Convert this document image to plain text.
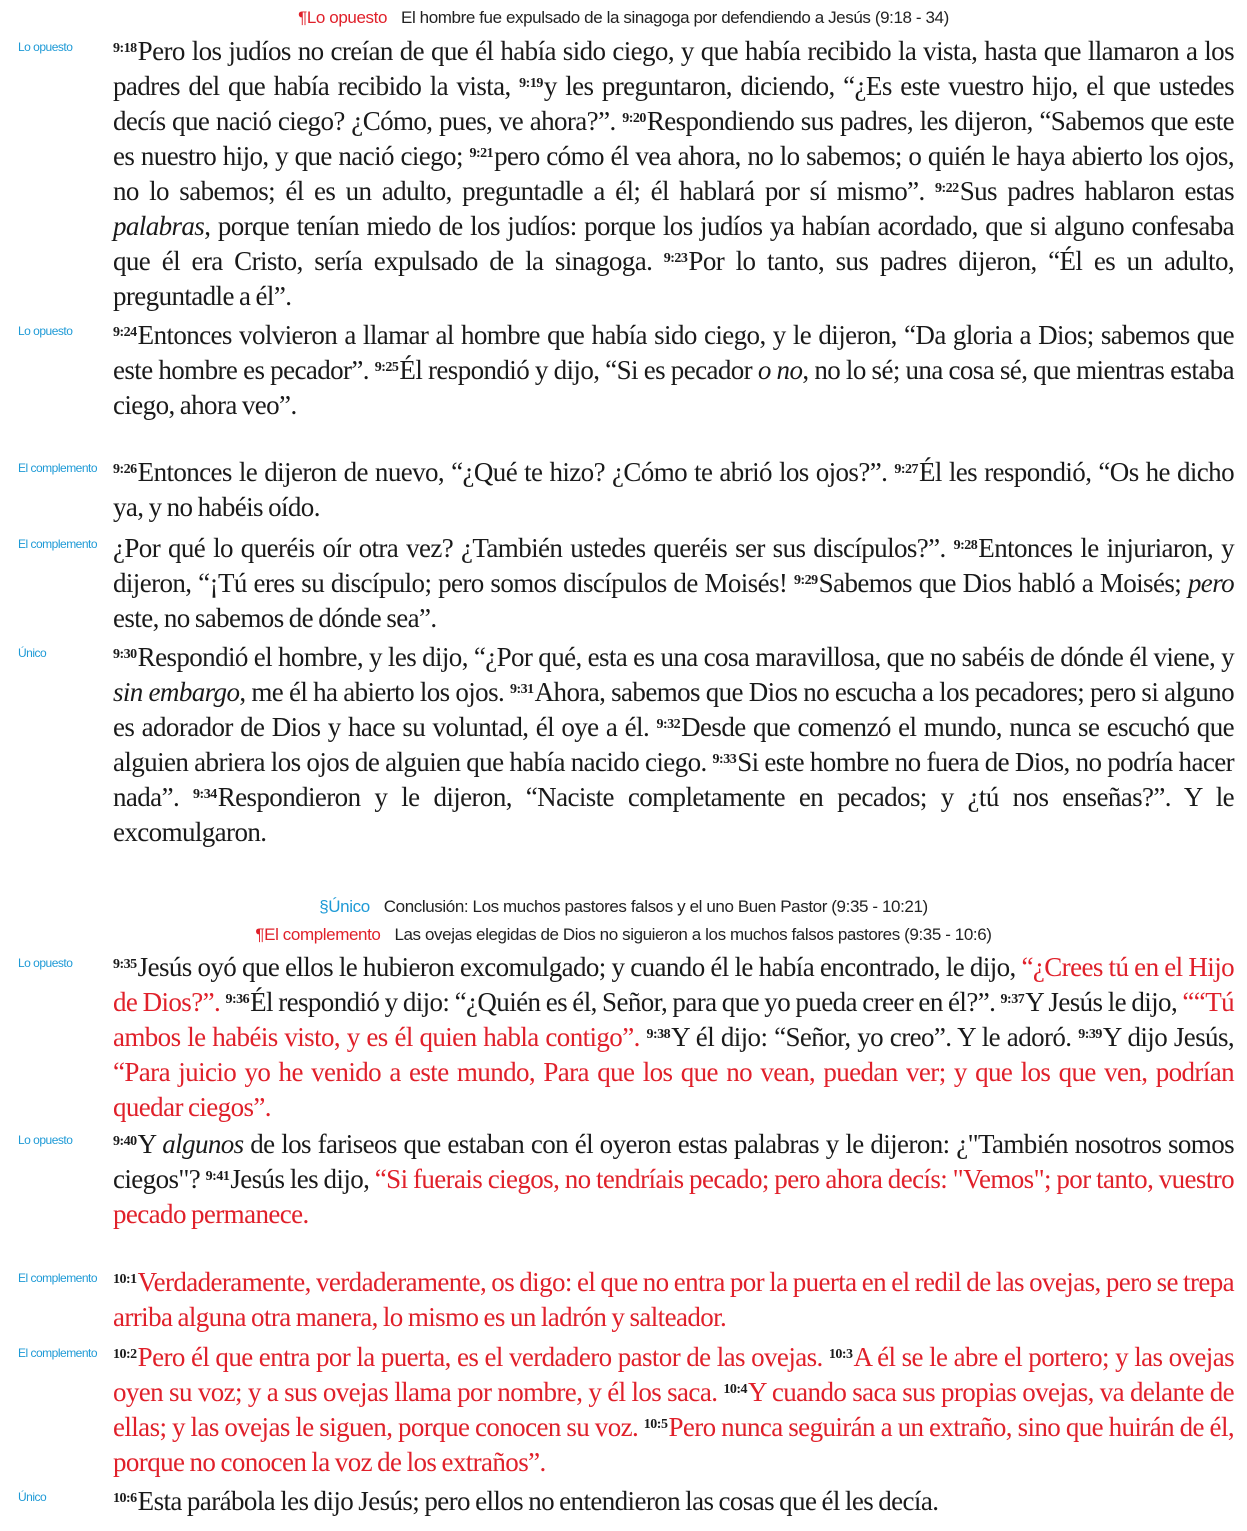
¶Lo opuesto El hombre fue expulsado de la sinagoga por defendiendo a Jesús (9:18 - 34)
Lo opuesto	$^{9:18}$Pero los judíos no creían de que él había sido ciego, y que había recibido la vista, hasta que llamaron a los padres del que había recibido la vista, $^{9:19}$y les preguntaron, diciendo, “¿Es este vuestro hijo, el que ustedes decís que nació ciego? ¿Cómo, pues, ve ahora?”. $^{9:20}$Respondiendo sus padres, les dijeron, “Sabemos que este es nuestro hijo, y que nació ciego; $^{9:21}$pero cómo él vea ahora, no lo sabemos; o quién le haya abierto los ojos, no lo sabemos; él es un adulto, preguntadle a él; él hablará por sí mismo”. $^{9:22}$Sus padres hablaron estas palabras, porque tenían miedo de los judíos: porque los judíos ya habían acordado, que si alguno confesaba que él era Cristo, sería expulsado de la sinagoga. $^{9:23}$Por lo tanto, sus padres dijeron, “Él es un adulto, preguntadle a él”.
Lo opuesto	$^{9:24}$Entonces volvieron a llamar al hombre que había sido ciego, y le dijeron, “Da gloria a Dios; sabemos que este hombre es pecador”. $^{9:25}$Él respondió y dijo, “Si es pecador o no, no lo sé; una cosa sé, que mientras estaba ciego, ahora veo”.
El complemento $^{9:26}$Entonces le dijeron de nuevo, “¿Qué te hizo? ¿Cómo te abrió los ojos?”. $^{9:27}$Él les respondió, “Os he dicho ya, y no habéis oído.
El complemento ¿Por qué lo queréis oír otra vez? ¿También ustedes queréis ser sus discípulos?”. $^{9:28}$Entonces le injuriaron, y dijeron, “¡Tú eres su discípulo; pero somos discípulos de Moisés! $^{9:29}$Sabemos que Dios habló a Moisés; pero este, no sabemos de dónde sea”.
Único	$^{9:30}$Respondió el hombre, y les dijo, “¿Por qué, esta es una cosa maravillosa, que no sabéis de dónde él viene, y sin embargo, me él ha abierto los ojos. $^{9:31}$Ahora, sabemos que Dios no escucha a los pecadores; pero si alguno es adorador de Dios y hace su voluntad, él oye a él. $^{9:32}$Desde que comenzó el mundo, nunca se escuchó que alguien abriera los ojos de alguien que había nacido ciego. $^{9:33}$Si este hombre no fuera de Dios, no podría hacer nada”. $^{9:34}$Respondieron y le dijeron, “Naciste completamente en pecados; y ¿tú nos enseñas?”. Y le excomulgaron.
§Único Conclusión: Los muchos pastores falsos y el uno Buen Pastor (9:35 - 10:21)
¶El complemento Las ovejas elegidas de Dios no siguieron a los muchos falsos pastores (9:35 - 10:6)
Lo opuesto	$^{9:35}$Jesús oyó que ellos le hubieron excomulgado; y cuando él le había encontrado, le dijo, “¿Crees tú en el Hijo de Dios?”. $^{9:36}$Él respondió y dijo: “¿Quién es él, Señor, para que yo pueda creer en él?”. $^{9:37}$Y Jesús le dijo, ““Tú ambos le habéis visto, y es él quien habla contigo”. $^{9:38}$Y él dijo: “Señor, yo creo”. Y le adoró. $^{9:39}$Y dijo Jesús, “Para juicio yo he venido a este mundo, Para que los que no vean, puedan ver; y que los que ven, podrían quedar ciegos”.
Lo opuesto	$^{9:40}$Y algunos de los fariseos que estaban con él oyeron estas palabras y le dijeron: ¿"También nosotros somos ciegos"? $^{9:41}$Jesús les dijo, “Si fuerais ciegos, no tendríais pecado; pero ahora decís: "Vemos"; por tanto, vuestro pecado permanece.
El complemento $^{10:1}$Verdaderamente, verdaderamente, os digo: el que no entra por la puerta en el redil de las ovejas, pero se trepa arriba alguna otra manera, lo mismo es un ladrón y salteador.
El complemento $^{10:2}$Pero él que entra por la puerta, es el verdadero pastor de las ovejas. $^{10:3}$A él se le abre el portero; y las ovejas oyen su voz; y a sus ovejas llama por nombre, y él los saca. $^{10:4}$Y cuando saca sus propias ovejas, va delante de ellas; y las ovejas le siguen, porque conocen su voz. $^{10:5}$Pero nunca seguirán a un extraño, sino que huirán de él, porque no conocen la voz de los extraños”.
Único	$^{10:6}$Esta parábola les dijo Jesús; pero ellos no entendieron las cosas que él les decía.
